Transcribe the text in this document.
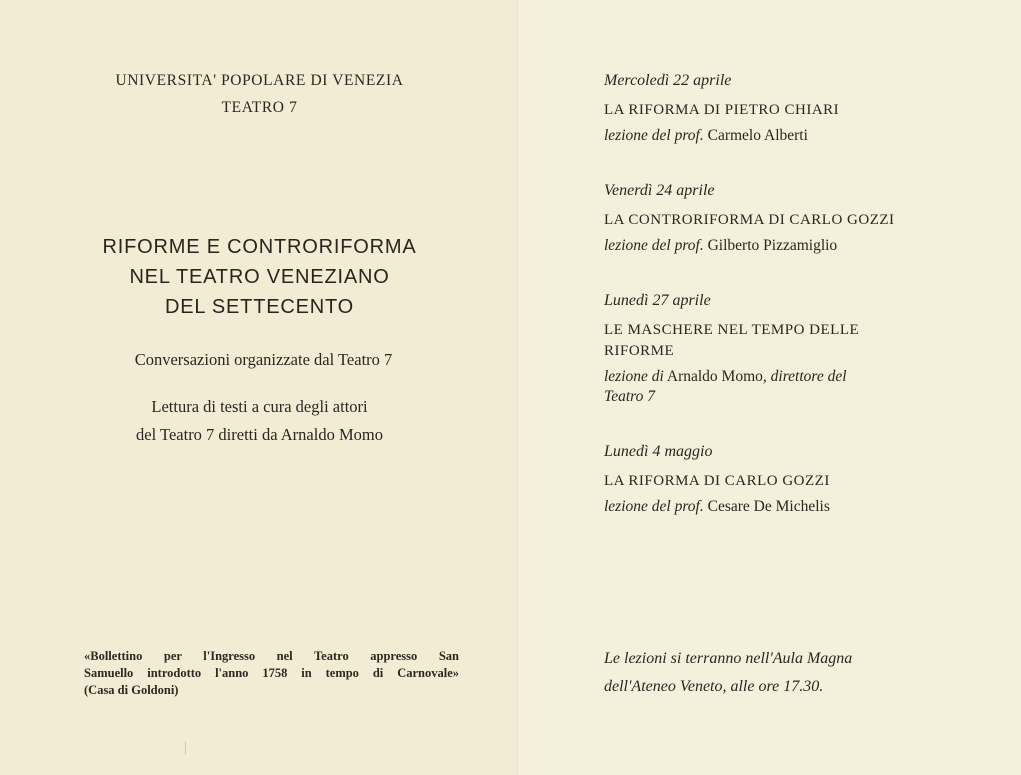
UNIVERSITA' POPOLARE DI VENEZIA
TEATRO 7
RIFORME E CONTRORIFORMA
NEL TEATRO VENEZIANO
DEL SETTECENTO
Conversazioni organizzate dal Teatro 7
Lettura di testi a cura degli attori
del Teatro 7 diretti da Arnaldo Momo
«Bollettino per l'Ingresso nel Teatro appresso San
Samuello introdotto l'anno 1758 in tempo di Carnovale»
(Casa di Goldoni)
Mercoledì 22 aprile
LA RIFORMA DI PIETRO CHIARI
lezione del prof. Carmelo Alberti
Venerdì 24 aprile
LA CONTRORIFORMA DI CARLO GOZZI
lezione del prof. Gilberto Pizzamiglio
Lunedì 27 aprile
LE MASCHERE NEL TEMPO DELLE RIFORME
lezione di Arnaldo Momo, direttore del Teatro 7
Lunedì 4 maggio
LA RIFORMA DI CARLO GOZZI
lezione del prof. Cesare De Michelis
Le lezioni si terranno nell'Aula Magna
dell'Ateneo Veneto, alle ore 17.30.
